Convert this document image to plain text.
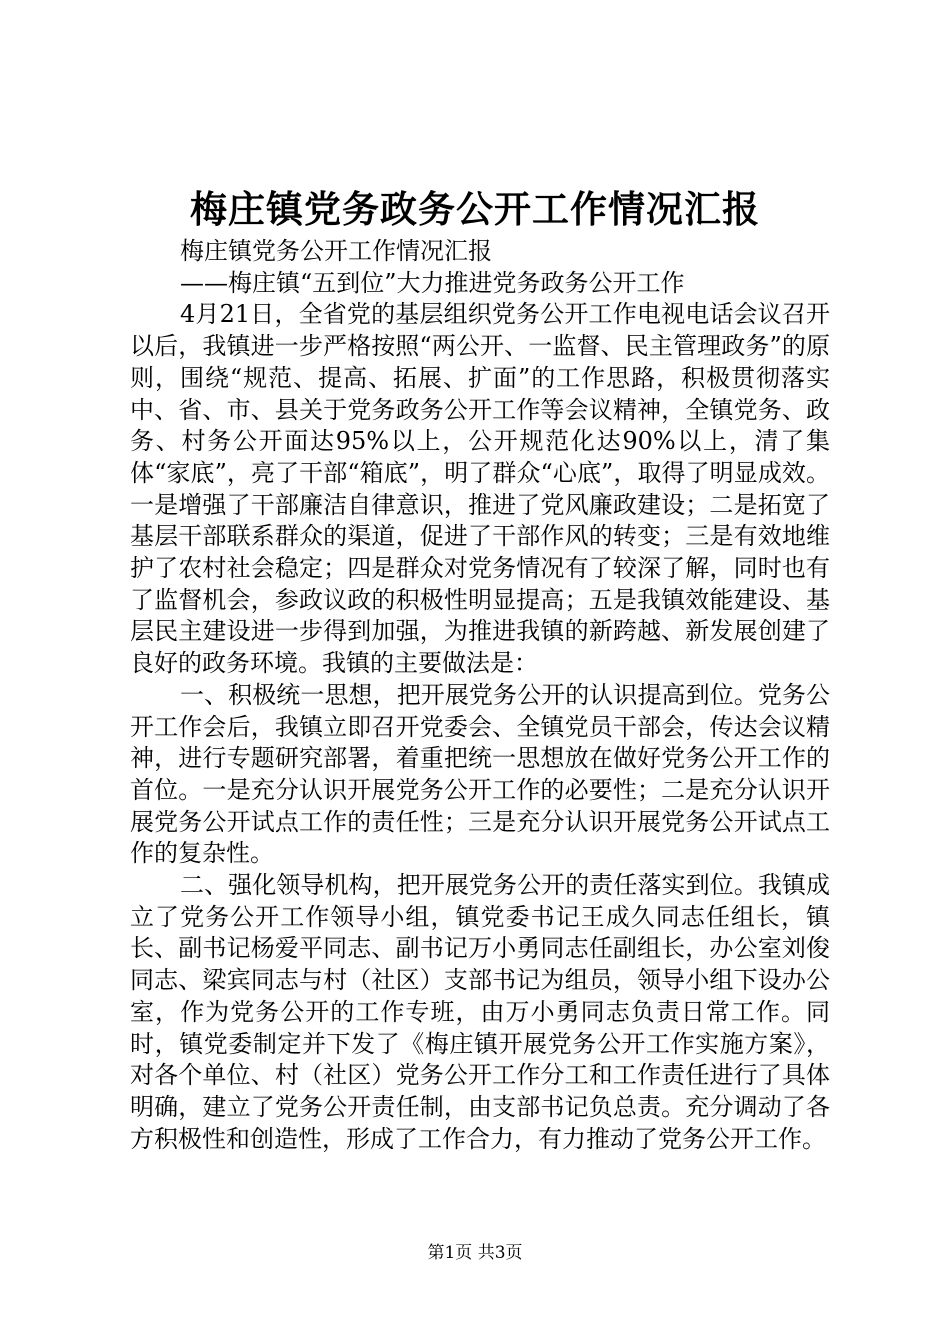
梅庄镇党务政务公开工作情况汇报

梅庄镇党务公开工作情况汇报

——梅庄镇“五到位”大力推进党务政务公开工作

4月21日，全省党的基层组织党务公开工作电视电话会议召开以后，我镇进一步严格按照“两公开、一监督、民主管理政务”的原则，围绕“规范、提高、拓展、扩面”的工作思路，积极贯彻落实中、省、市、县关于党务政务公开工作等会议精神，全镇党务、政务、村务公开面达95%以上，公开规范化达90%以上，清了集体“家底”，亮了干部“箱底”，明了群众“心底”，取得了明显成效。一是增强了干部廉洁自律意识，推进了党风廉政建设；二是拓宽了基层干部联系群众的渠道，促进了干部作风的转变；三是有效地维护了农村社会稳定；四是群众对党务情况有了较深了解，同时也有了监督机会，参政议政的积极性明显提高；五是我镇效能建设、基层民主建设进一步得到加强，为推进我镇的新跨越、新发展创建了良好的政务环境。我镇的主要做法是：

一、积极统一思想，把开展党务公开的认识提高到位。党务公开工作会后，我镇立即召开党委会、全镇党员干部会，传达会议精神，进行专题研究部署，着重把统一思想放在做好党务公开工作的首位。一是充分认识开展党务公开工作的必要性；二是充分认识开展党务公开试点工作的责任性；三是充分认识开展党务公开试点工作的复杂性。

二、强化领导机构，把开展党务公开的责任落实到位。我镇成立了党务公开工作领导小组，镇党委书记王成久同志任组长，镇长、副书记杨爱平同志、副书记万小勇同志任副组长，办公室刘俊同志、梁宾同志与村（社区）支部书记为组员，领导小组下设办公室，作为党务公开的工作专班，由万小勇同志负责日常工作。同时，镇党委制定并下发了《梅庄镇开展党务公开工作实施方案》，对各个单位、村（社区）党务公开工作分工和工作责任进行了具体明确，建立了党务公开责任制，由支部书记负总责。充分调动了各方积极性和创造性，形成了工作合力，有力推动了党务公开工作。

第1页 共3页
